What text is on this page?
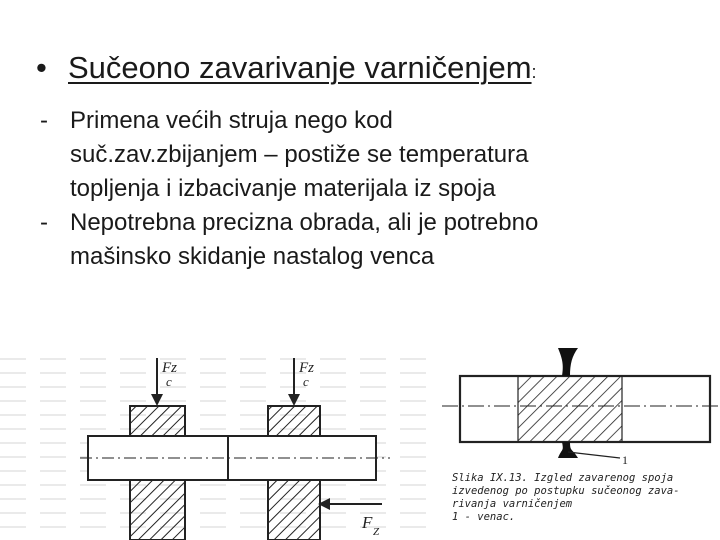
• Sučeono zavarivanje varničenjem:
- Primena većih struja nego kod
suč.zav.zbijanjem – postiže se temperatura
topljenja i izbacivanje materijala iz spoja
- Nepotrebna precizna obrada, ali je potrebno
mašinsko skidanje nastalog venca
Fz
c
Fz
c
F Z
1
Slika IX.13. Izgled zavarenog spoja
izvedenog po postupku sučeonog zava-
rivanja varničenjem
1 - venac.
